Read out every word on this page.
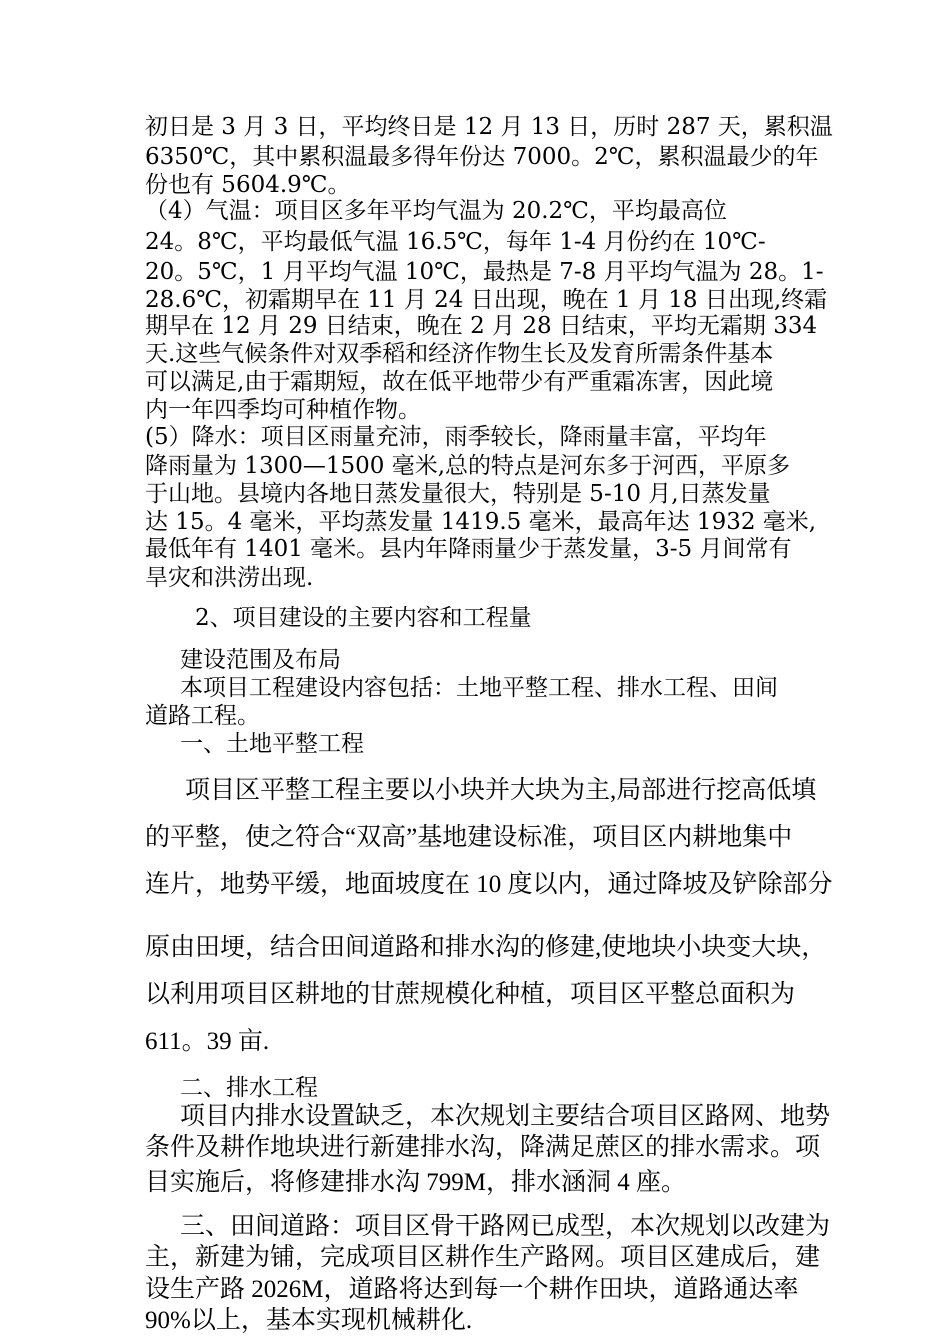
初日是 3 月 3 日，平均终日是 12 月 13 日，历时 287 天，累积温

6350℃，其中累积温最多得年份达 7000。2℃，累积温最少的年

份也有 5604.9℃。

（4）气温：项目区多年平均气温为 20.2℃，平均最高位

24。8℃，平均最低气温 16.5℃，每年 1-4 月份约在 10℃-

20。5℃，1 月平均气温 10℃，最热是 7-8 月平均气温为 28。1-

28.6℃，初霜期早在 11 月 24 日出现，晚在 1 月 18 日出现,终霜

期早在 12 月 29 日结束，晚在 2 月 28 日结束，平均无霜期 334

天.这些气候条件对双季稻和经济作物生长及发育所需条件基本

可以满足,由于霜期短，故在低平地带少有严重霜冻害，因此境

内一年四季均可种植作物。

(5）降水：项目区雨量充沛，雨季较长，降雨量丰富，平均年

降雨量为 1300—1500 毫米,总的特点是河东多于河西，平原多

于山地。县境内各地日蒸发量很大，特别是 5-10 月,日蒸发量

达 15。4 毫米，平均蒸发量 1419.5 毫米，最高年达 1932 毫米,

最低年有 1401 毫米。县内年降雨量少于蒸发量，3-5 月间常有

旱灾和洪涝出现.

2、项目建设的主要内容和工程量

建设范围及布局

本项目工程建设内容包括：土地平整工程、排水工程、田间

道路工程。

一、土地平整工程

项目区平整工程主要以小块并大块为主,局部进行挖高低填

的平整，使之符合“双高”基地建设标准，项目区内耕地集中

连片，地势平缓，地面坡度在 10 度以内，通过降坡及铲除部分

原由田埂，结合田间道路和排水沟的修建,使地块小块变大块，

以利用项目区耕地的甘蔗规模化种植，项目区平整总面积为

611。39 亩.

二、排水工程

项目内排水设置缺乏，本次规划主要结合项目区路网、地势

条件及耕作地块进行新建排水沟，降满足蔗区的排水需求。项

目实施后，将修建排水沟 799M，排水涵洞 4 座。

三、田间道路：项目区骨干路网已成型，本次规划以改建为

主，新建为铺，完成项目区耕作生产路网。项目区建成后，建

设生产路 2026M，道路将达到每一个耕作田块，道路通达率

90%以上，基本实现机械耕化.
